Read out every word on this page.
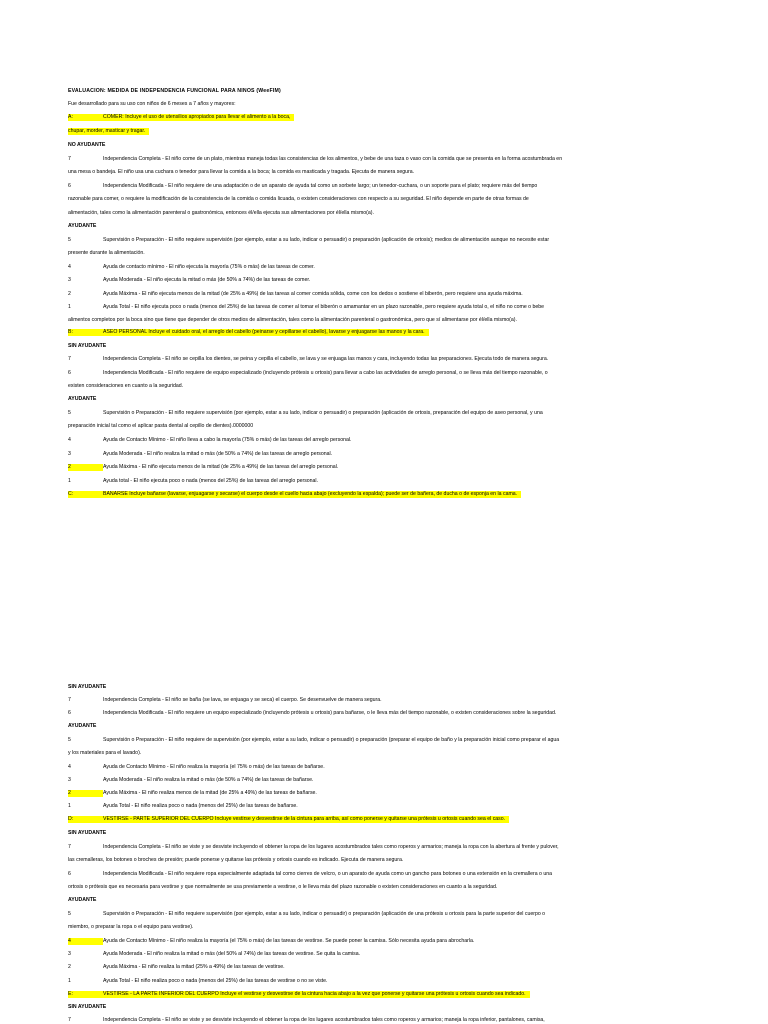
EVALUACIÓN: MEDIDA DE INDEPENDENCIA FUNCIONAL PARA NIÑOS (WeeFIM)
Fue desarrollado para su uso con niños de 6 meses a 7 años y mayores:
A:	COMER: Incluye el uso de utensilios apropiados para llevar el alimento a la boca,
chupar, morder, masticar y tragar.
NO AYUDANTE
7	Independencia Completa - El niño come de un plato, mientras maneja todas las consistencias de los alimentos, y bebe de una taza o vaso con la comida que se presenta en la forma acostumbrada en
una mesa o bandeja. El niño usa una cuchara o tenedor para llevar la comida a la boca; la comida es masticada y tragada. Ejecuta de manera segura.
6	Independencia Modificada - El niño requiere de una adaptación o de un aparato de ayuda tal como un sorbete largo; un tenedor-cuchara, o un soporte para el plato; requiere más del tiempo
razonable para comer, o requiere la modificación de la consistencia de la comida o comida licuada, o existen consideraciones con respecto a su seguridad. El niño depende en parte de otras formas de
alimentación, tales como la alimentación parenteral o gastronómica, entonces él/ella ejecuta sus alimentaciones por él/ella mismo(a).
AYUDANTE
5	Supervisión o Preparación - El niño requiere supervisión (por ejemplo, estar a su lado, indicar o persuadir) o preparación (aplicación de ortosis); medios de alimentación aunque no necesite estar
presente durante la alimentación.
4	Ayuda de contacto mínimo - El niño ejecuta la mayoría (75% o más) de las tareas de comer.
3	Ayuda Moderada - El niño ejecuta la mitad o más (de 50% a 74%) de las tareas de comer.
2	Ayuda Máxima - El niño ejecuta menos de la mitad (de 25% a 49%) de las tareas al comer comida sólida, come con los dedos o sostiene el biberón, pero requiere una ayuda máxima.
1	Ayuda Total - El niño ejecuta poco o nada (menos del 25%) de las tareas de comer al tomar el biberón o amamantar en un plazo razonable, pero requiere ayuda total o, el niño no come o bebe
alimentos completos por la boca sino que tiene que depender de otros medios de alimentación, tales como la alimentación parenteral o gastronómica, pero que sí alimentarse por él/ella mismo(a).
B:	ASEO PERSONAL Incluye el cuidado oral, el arreglo del cabello (peinarse y cepillarse el cabello), lavarse y enjuagarse las manos y la cara.
SIN AYUDANTE
7	Independencia Completa - El niño se cepilla los dientes, se peina y cepilla el cabello, se lava y se enjuaga las manos y cara, incluyendo todas las preparaciones. Ejecuta todo de manera segura.
6	Independencia Modificada - El niño requiere de equipo especializado (incluyendo prótesis u ortosis) para llevar a cabo las actividades de arreglo personal, o se lleva más del tiempo razonable, o
existen consideraciones en cuanto a la seguridad.
AYUDANTE
5	Supervisión o Preparación - El niño requiere supervisión (por ejemplo, estar a su lado, indicar o persuadir) o preparación (aplicación de ortosis, preparación del equipo de aseo personal, y una
preparación inicial tal como el aplicar pasta dental al cepillo de dientes).0000000
4	Ayuda de Contacto Mínimo - El niño lleva a cabo la mayoría (75% o más) de las tareas del arreglo personal.
3	Ayuda Moderada - El niño realiza la mitad o más (de 50% a 74%) de las tareas de arreglo personal.
2	Ayuda Máxima - El niño ejecuta menos de la mitad (de 25% a 49%) de las tareas del arreglo personal.
1	Ayuda total - El niño ejecuta poco o nada (menos del 25%) de las tareas del arreglo personal.
C:	BAÑARSE Incluye bañarse (lavarse, enjuagarse y secarse) el cuerpo desde el cuello hacia abajo (excluyendo la espalda); puede ser de bañera, de ducha o de esponja en la cama.
SIN AYUDANTE
7	Independencia Completa - El niño se baña (se lava, se enjuaga y se seca) el cuerpo. Se desenvuelve de manera segura.
6	Independencia Modificada - El niño requiere un equipo especializado (incluyendo prótesis u ortosis) para bañarse, o le lleva más del tiempo razonable, o existen consideraciones sobre la seguridad.
AYUDANTE
5	Supervisión o Preparación - El niño requiere de supervisión (por ejemplo, estar a su lado, indicar o persuadir) o preparación (preparar el equipo de baño y la preparación inicial como preparar el agua
y los materiales para el lavado).
4	Ayuda de Contacto Mínimo - El niño realiza la mayoría (el 75% o más) de las tareas de bañarse.
3	Ayuda Moderada - El niño realiza la mitad o más (de 50% a 74%) de las tareas de bañarse.
2	Ayuda Máxima - El niño realiza menos de la mitad (de 25% a 49%) de las tareas de bañarse.
1	Ayuda Total - El niño realiza poco o nada (menos del 25%) de las tareas de bañarse.
D:	VESTIRSE - PARTE SUPERIOR DEL CUERPO Incluye vestirse y desvestirse de la cintura para arriba, así como ponerse y quitarse una prótesis u ortosis cuando sea el caso.
SIN AYUDANTE
7	Independencia Completa - El niño se viste y se desviste incluyendo el obtener la ropa de los lugares acostumbrados tales como roperos y armarios; maneja la ropa con la abertura al frente y pulover,
las cremalleras, los botones o broches de presión; puede ponerse y quitarse las prótesis y ortosis cuando es indicado. Ejecuta de manera segura.
6	Independencia Modificada - El niño requiere ropa especialmente adaptada tal como cierres de velcro, o un aparato de ayuda como un gancho para botones o una extensión en la cremallera o una
ortosis o prótesis que es necesaria para vestirse y que normalmente se usa previamente a vestirse, o le lleva más del plazo razonable o existen consideraciones en cuanto a la seguridad.
AYUDANTE
5	Supervisión o Preparación - El niño requiere supervisión (por ejemplo, estar a su lado, indicar o persuadir) o preparación (aplicación de una prótesis u ortosis para la parte superior del cuerpo o
miembro, o preparar la ropa o el equipo para vestirse).
4	Ayuda de Contacto Mínimo - El niño realiza la mayoría (el 75% o más) de las tareas de vestirse. Se puede poner la camisa. Sólo necesita ayuda para abrocharla.
3	Ayuda Moderada - El niño realiza la mitad o más (del 50% al 74%) de las tareas de vestirse. Se quita la camisa.
2	Ayuda Máxima - El niño realiza la mitad (25% a 49%) de las tareas de vestirse.
1	Ayuda Total - El niño realiza poco o nada (menos del 25%) de las tareas de vestirse o no se viste.
E:	VESTIRSE - LA PARTE INFERIOR DEL CUERPO Incluye el vestirse y desvestirse de la cintura hacia abajo a la vez que ponerse y quitarse una prótesis u ortosis cuando sea indicado.
SIN AYUDANTE
7	Independencia Completa - El niño se viste y se desviste incluyendo el obtener la ropa de los lugares acostumbrados tales como roperos y armarios; maneja la ropa inferior, pantalones, camisa,
